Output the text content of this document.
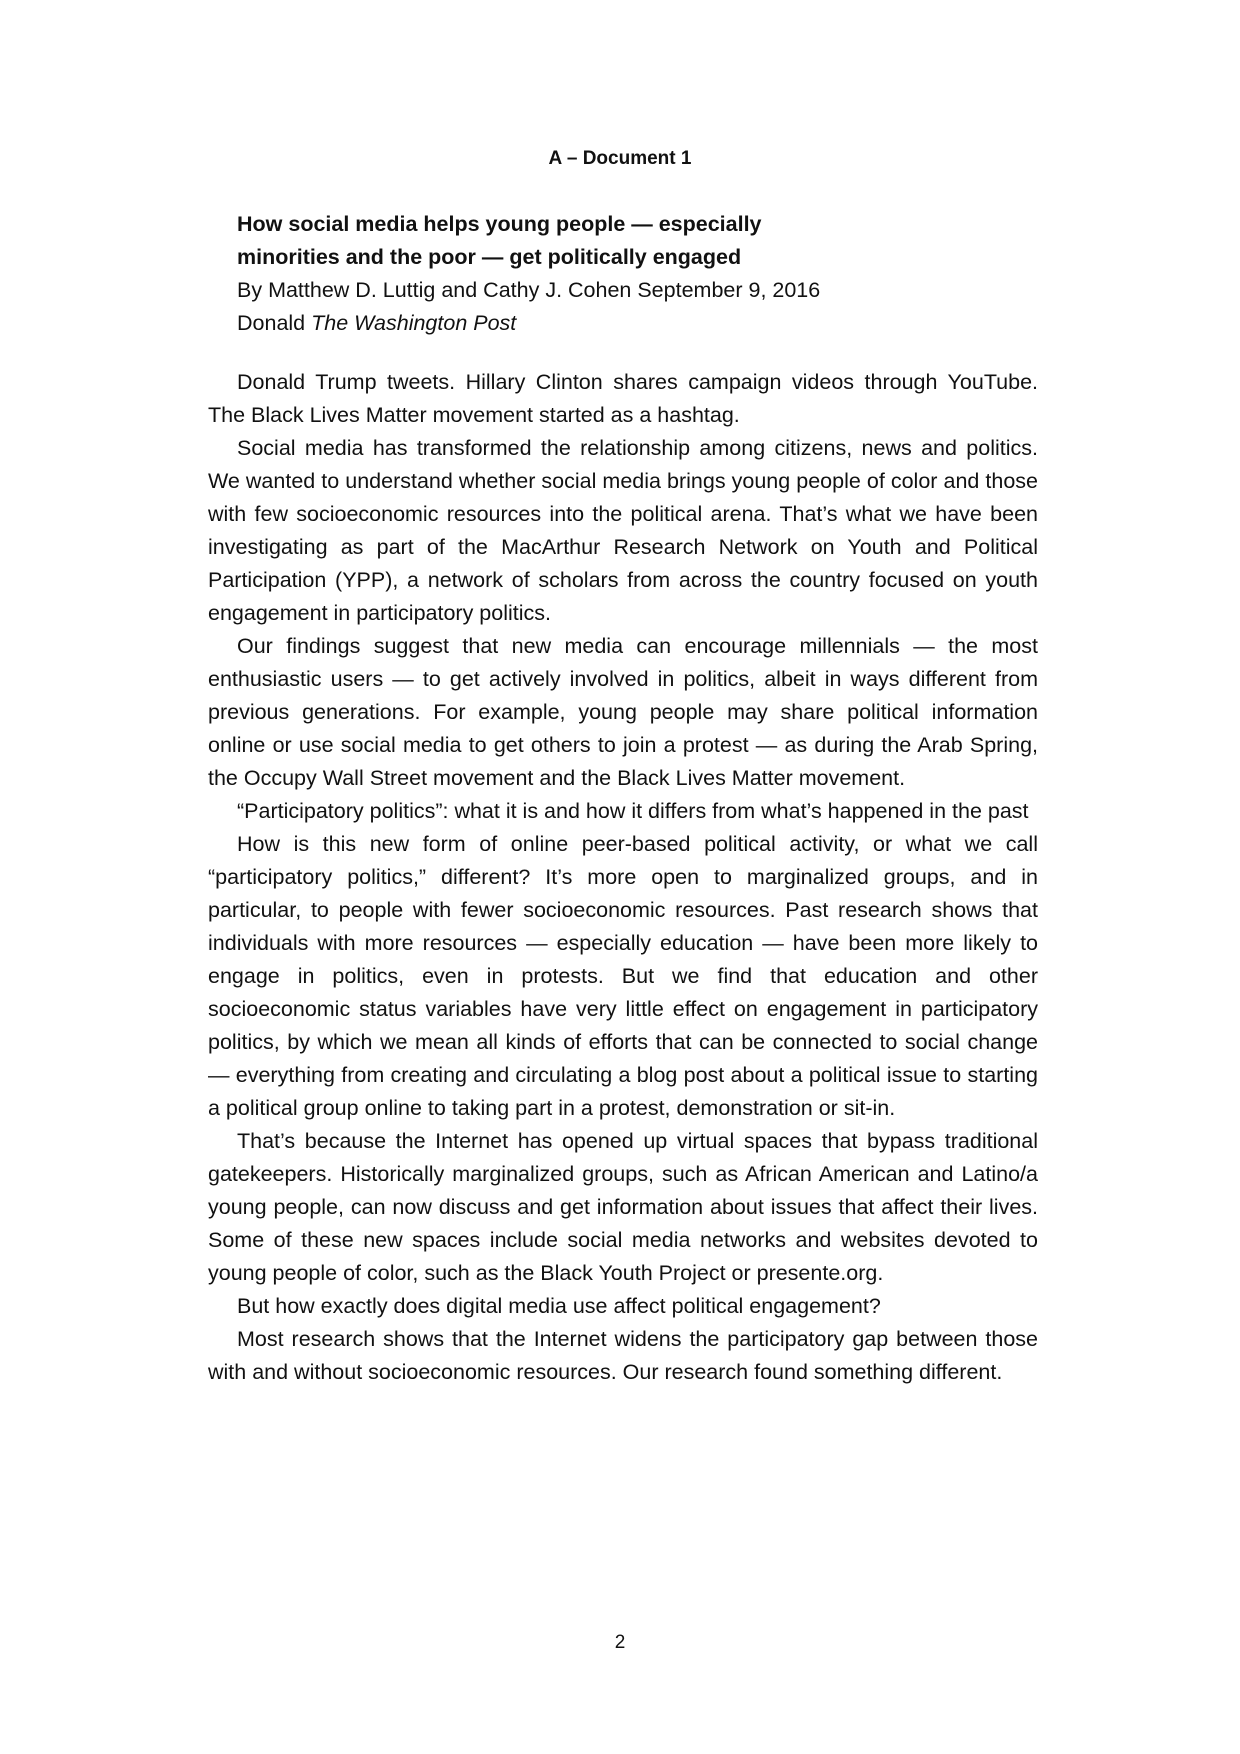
A – Document 1
How social media helps young people — especially
minorities and the poor — get politically engaged

By Matthew D. Luttig and Cathy J. Cohen September 9, 2016

Donald The Washington Post

Donald Trump tweets. Hillary Clinton shares campaign videos through YouTube. The Black Lives Matter movement started as a hashtag.

Social media has transformed the relationship among citizens, news and politics. We wanted to understand whether social media brings young people of color and those with few socioeconomic resources into the political arena. That’s what we have been investigating as part of the MacArthur Research Network on Youth and Political Participation (YPP), a network of scholars from across the country focused on youth engagement in participatory politics.

Our findings suggest that new media can encourage millennials — the most enthusiastic users — to get actively involved in politics, albeit in ways different from previous generations. For example, young people may share political information online or use social media to get others to join a protest — as during the Arab Spring, the Occupy Wall Street movement and the Black Lives Matter movement.

“Participatory politics”: what it is and how it differs from what’s happened in the past

How is this new form of online peer-based political activity, or what we call “participatory politics,” different? It’s more open to marginalized groups, and in particular, to people with fewer socioeconomic resources. Past research shows that individuals with more resources — especially education — have been more likely to engage in politics, even in protests. But we find that education and other socioeconomic status variables have very little effect on engagement in participatory politics, by which we mean all kinds of efforts that can be connected to social change — everything from creating and circulating a blog post about a political issue to starting a political group online to taking part in a protest, demonstration or sit-in.

That’s because the Internet has opened up virtual spaces that bypass traditional gatekeepers. Historically marginalized groups, such as African American and Latino/a young people, can now discuss and get information about issues that affect their lives. Some of these new spaces include social media networks and websites devoted to young people of color, such as the Black Youth Project or presente.org.

But how exactly does digital media use affect political engagement?

Most research shows that the Internet widens the participatory gap between those with and without socioeconomic resources. Our research found something different.

2
